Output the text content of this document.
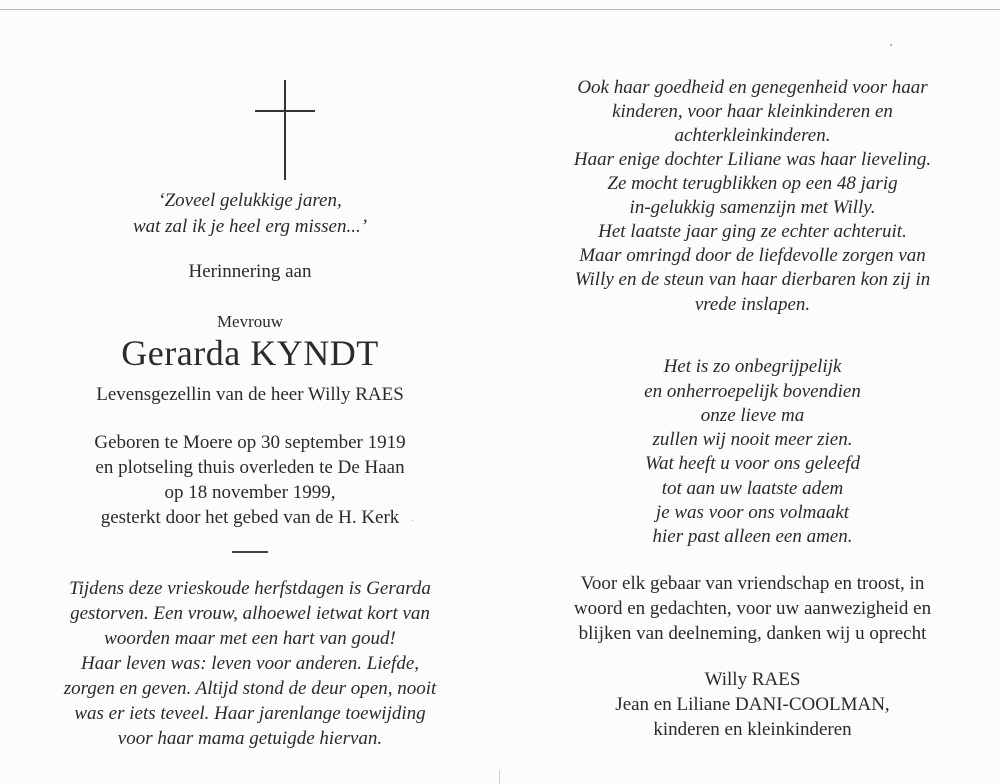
‘Zoveel gelukkige jaren,
wat zal ik je heel erg missen...’
Herinnering aan
Mevrouw
Gerarda KYNDT
Levensgezellin van de heer Willy RAES
Geboren te Moere op 30 september 1919
en plotseling thuis overleden te De Haan
op 18 november 1999,
gesterkt door het gebed van de H. Kerk
Tijdens deze vrieskoude herfstdagen is Gerarda
gestorven. Een vrouw, alhoewel ietwat kort van
woorden maar met een hart van goud!
Haar leven was: leven voor anderen. Liefde,
zorgen en geven. Altijd stond de deur open, nooit
was er iets teveel. Haar jarenlange toewijding
voor haar mama getuigde hiervan.
Ook haar goedheid en genegenheid voor haar
kinderen, voor haar kleinkinderen en
achterkleinkinderen.
Haar enige dochter Liliane was haar lieveling.
Ze mocht terugblikken op een 48 jarig
in-gelukkig samenzijn met Willy.
Het laatste jaar ging ze echter achteruit.
Maar omringd door de liefdevolle zorgen van
Willy en de steun van haar dierbaren kon zij in
vrede inslapen.
Het is zo onbegrijpelijk
en onherroepelijk bovendien
onze lieve ma
zullen wij nooit meer zien.
Wat heeft u voor ons geleefd
tot aan uw laatste adem
je was voor ons volmaakt
hier past alleen een amen.
Voor elk gebaar van vriendschap en troost, in
woord en gedachten, voor uw aanwezigheid en
blijken van deelneming, danken wij u oprecht
Willy RAES
Jean en Liliane DANI-COOLMAN,
kinderen en kleinkinderen
